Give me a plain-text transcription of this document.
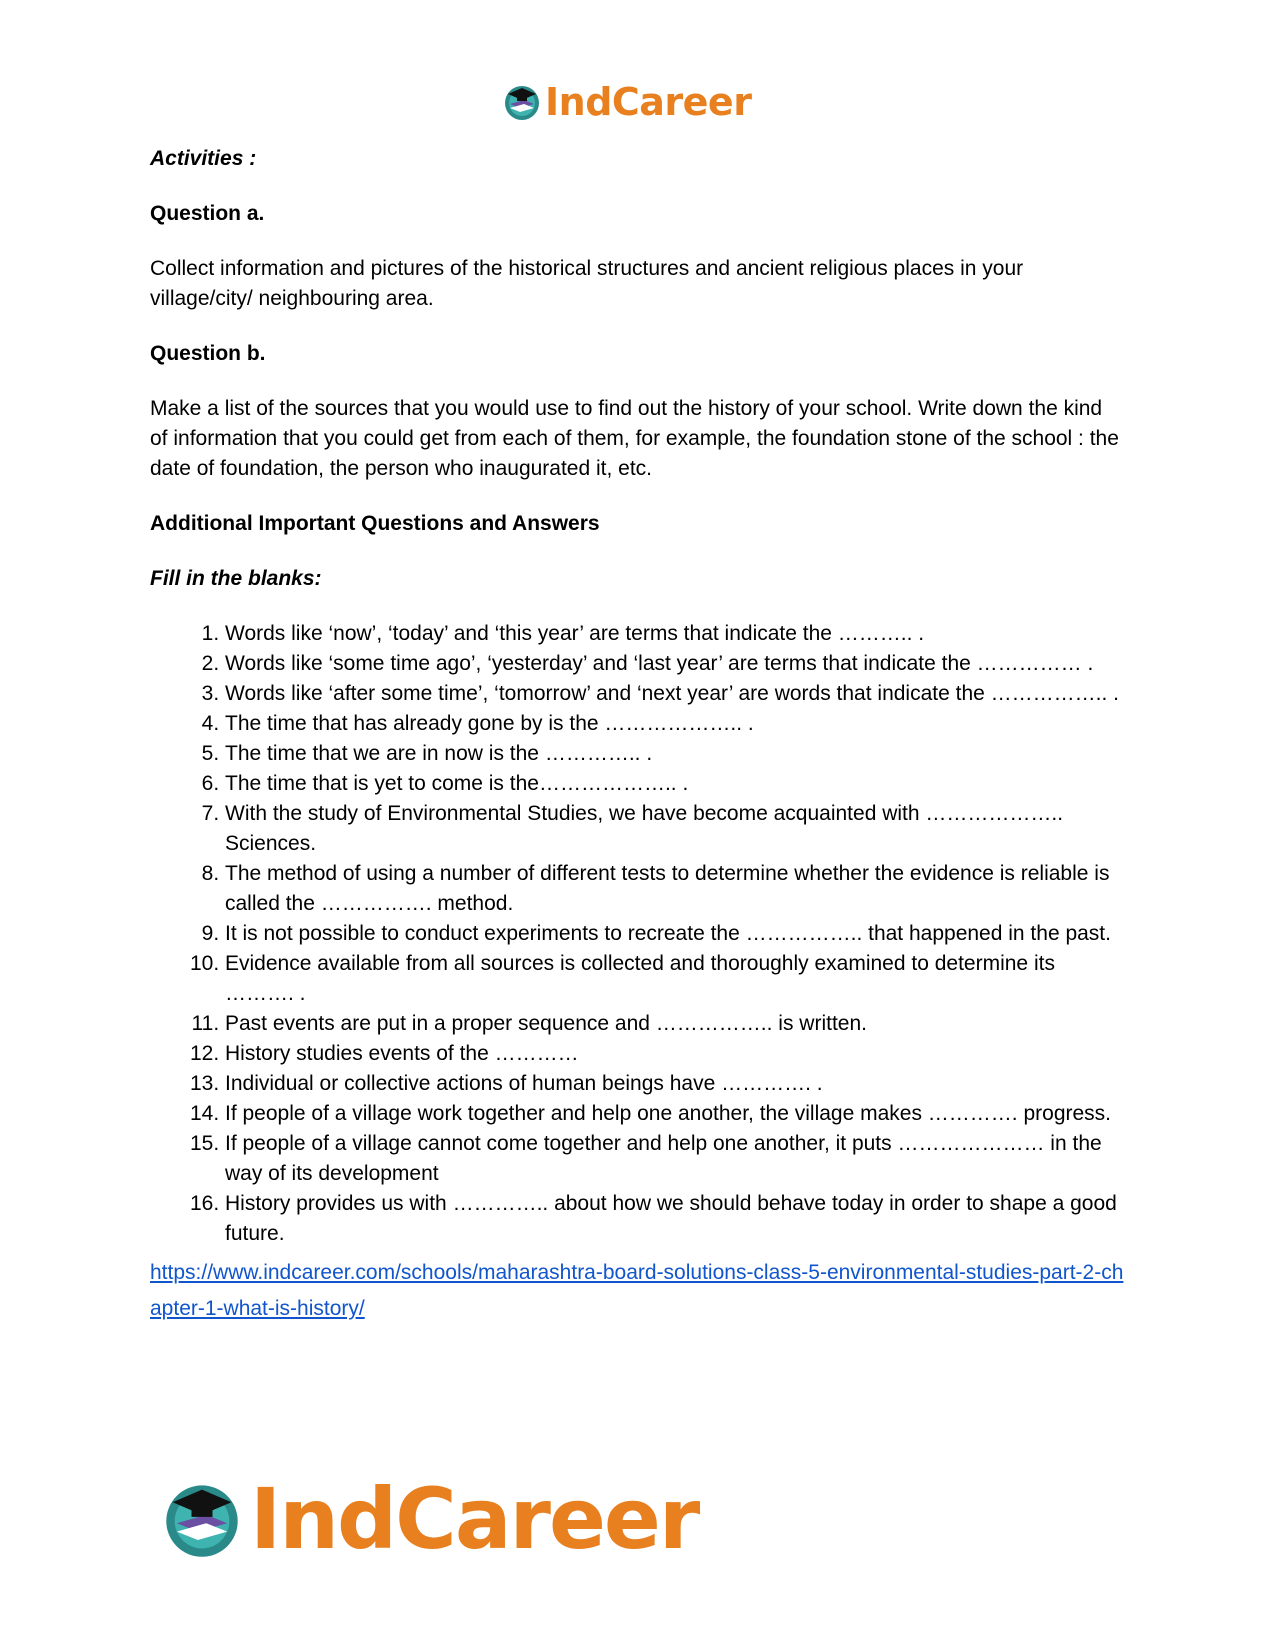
IndCareer

Activities :

Question a.

Collect information and pictures of the historical structures and ancient religious places in your village/city/ neighbouring area.

Question b.

Make a list of the sources that you would use to find out the history of your school. Write down the kind of information that you could get from each of them, for example, the foundation stone of the school : the date of foundation, the person who inaugurated it, etc.

Additional Important Questions and Answers

Fill in the blanks:

1. Words like ‘now’, ‘today’ and ‘this year’ are terms that indicate the ……….. .
2. Words like ‘some time ago’, ‘yesterday’ and ‘last year’ are terms that indicate the …………… .
3. Words like ‘after some time’, ‘tomorrow’ and ‘next year’ are words that indicate the …………….. .
4. The time that has already gone by is the ……………….. .
5. The time that we are in now is the ………….. .
6. The time that is yet to come is the……………….. .
7. With the study of Environmental Studies, we have become acquainted with ……………….. Sciences.
8. The method of using a number of different tests to determine whether the evidence is reliable is called the ……………. method.
9. It is not possible to conduct experiments to recreate the …………….. that happened in the past.
10. Evidence available from all sources is collected and thoroughly examined to determine its ………. .
11. Past events are put in a proper sequence and …………….. is written.
12. History studies events of the …………
13. Individual or collective actions of human beings have …………. .
14. If people of a village work together and help one another, the village makes …………. progress.
15. If people of a village cannot come together and help one another, it puts ………………… in the way of its development
16. History provides us with ………….. about how we should behave today in order to shape a good future.
https://www.indcareer.com/schools/maharashtra-board-solutions-class-5-environmental-studies-part-2-chapter-1-what-is-history/
IndCareer
